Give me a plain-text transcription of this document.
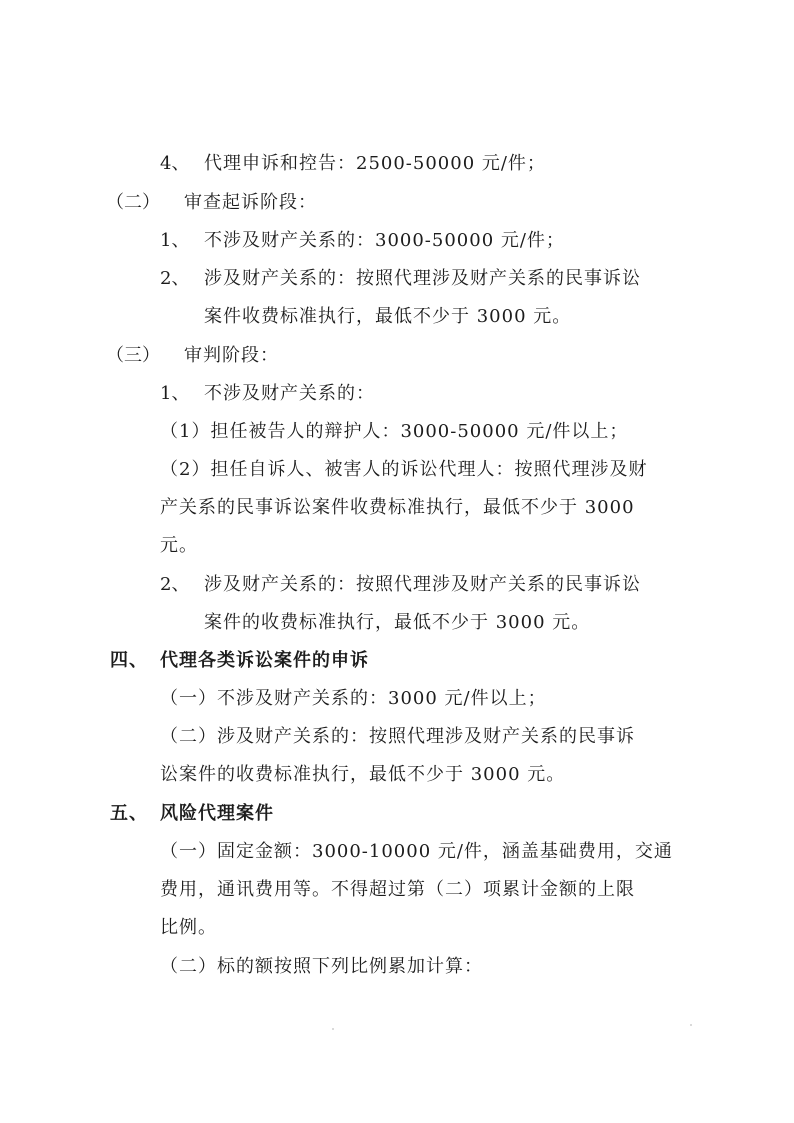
4、 代理申诉和控告：2500-50000 元/件；
（二） 审查起诉阶段：
1、 不涉及财产关系的：3000-50000 元/件；
2、 涉及财产关系的：按照代理涉及财产关系的民事诉讼
案件收费标准执行，最低不少于 3000 元。
（三） 审判阶段：
1、 不涉及财产关系的：
（1）担任被告人的辩护人：3000-50000 元/件以上；
（2）担任自诉人、被害人的诉讼代理人：按照代理涉及财
产关系的民事诉讼案件收费标准执行，最低不少于 3000
元。
2、 涉及财产关系的：按照代理涉及财产关系的民事诉讼
案件的收费标准执行，最低不少于 3000 元。
四、 代理各类诉讼案件的申诉
（一）不涉及财产关系的：3000 元/件以上；
（二）涉及财产关系的：按照代理涉及财产关系的民事诉
讼案件的收费标准执行，最低不少于 3000 元。
五、 风险代理案件
（一）固定金额：3000-10000 元/件，涵盖基础费用，交通
费用，通讯费用等。不得超过第（二）项累计金额的上限
比例。
（二）标的额按照下列比例累加计算：
